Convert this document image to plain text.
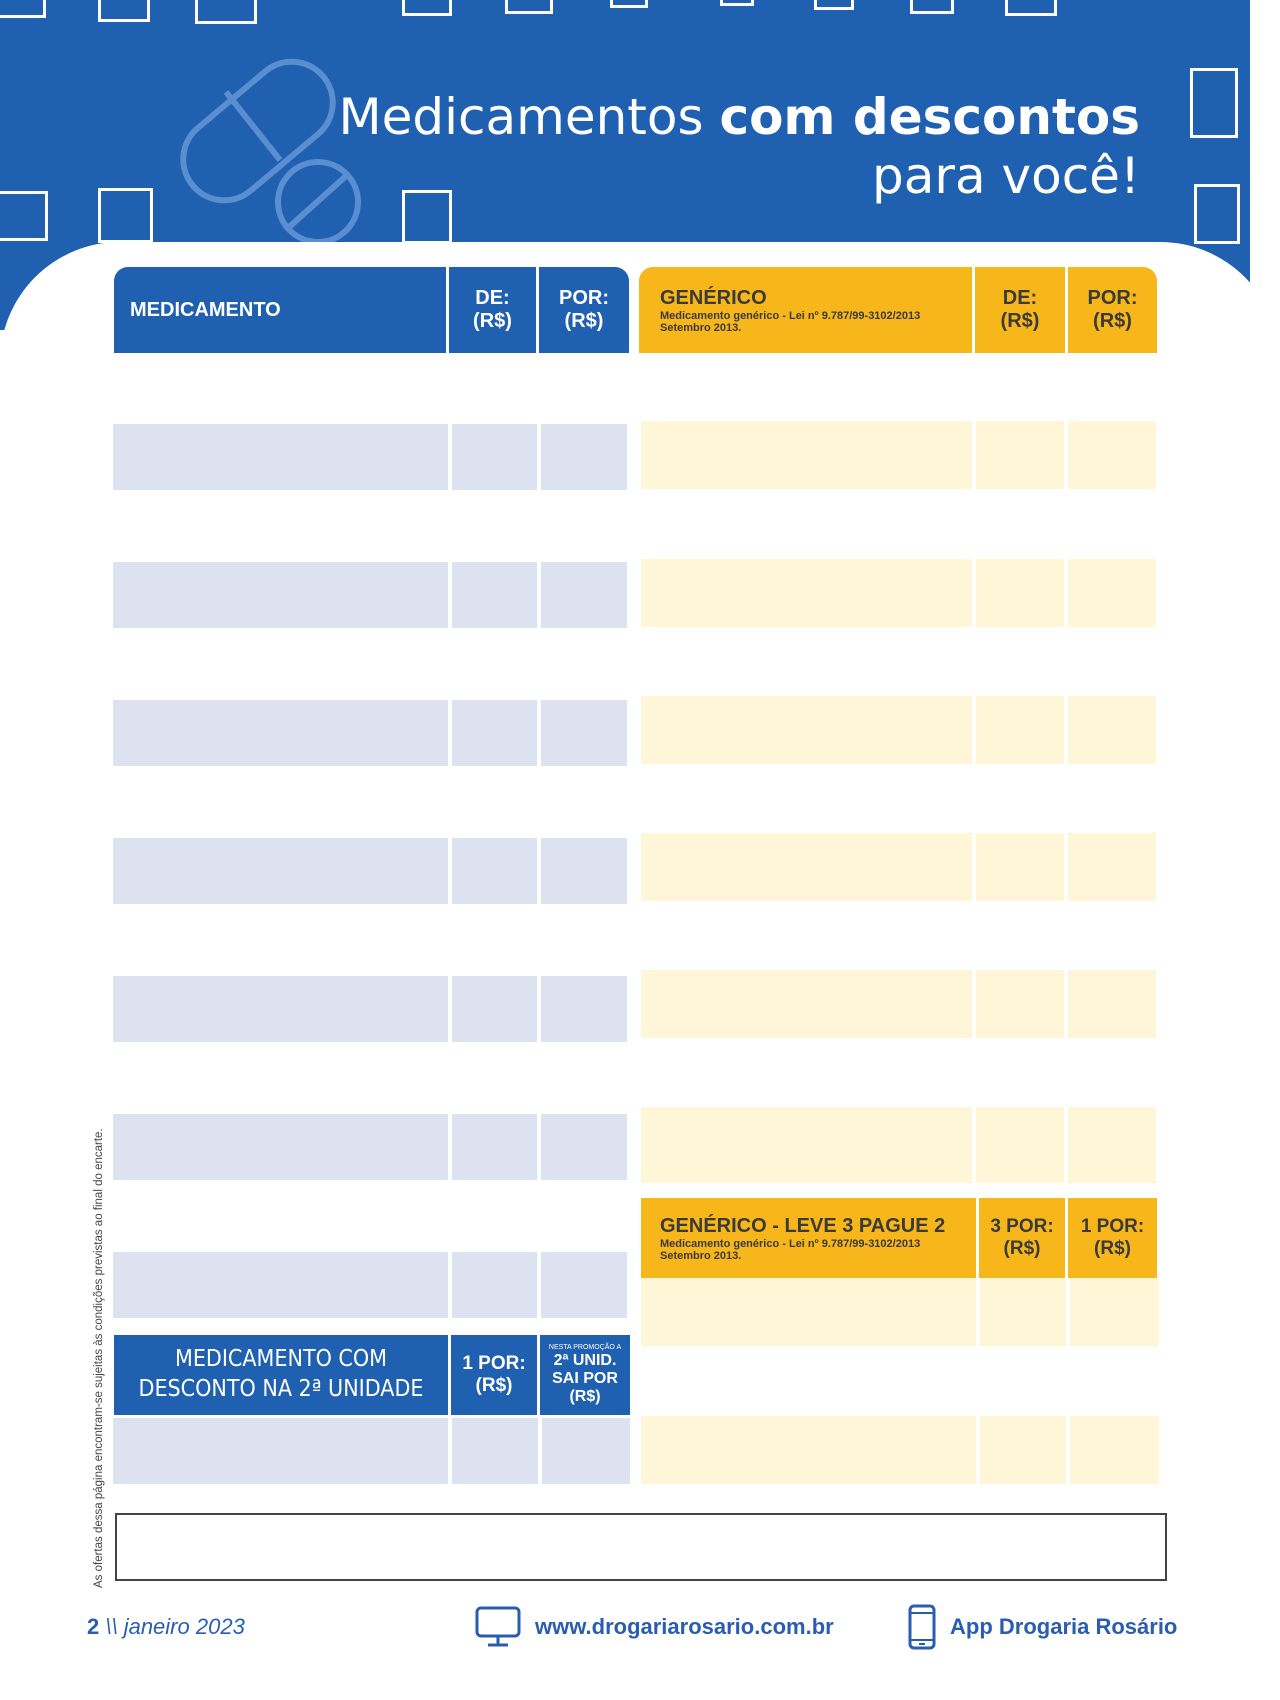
Medicamentos com descontos
para você!
MEDICAMENTO
DE:
(R$)
POR:
(R$)
GENÉRICO
Medicamento genérico - Lei nº 9.787/99-3102/2013
Setembro 2013.
DE:
(R$)
POR:
(R$)
GENÉRICO - LEVE 3 PAGUE 2
Medicamento genérico - Lei nº 9.787/99-3102/2013
Setembro 2013.
3 POR:
(R$)
1 POR:
(R$)
MEDICAMENTO COM
DESCONTO NA 2ª UNIDADE
1 POR:
(R$)
NESTA PROMOÇÃO A
2ª UNID.
SAI POR
(R$)
As ofertas dessa página encontram-se sujeitas às condições previstas ao final do encarte.
2 \\ janeiro 2023	www.drogariarosario.com.br	App Drogaria Rosário
